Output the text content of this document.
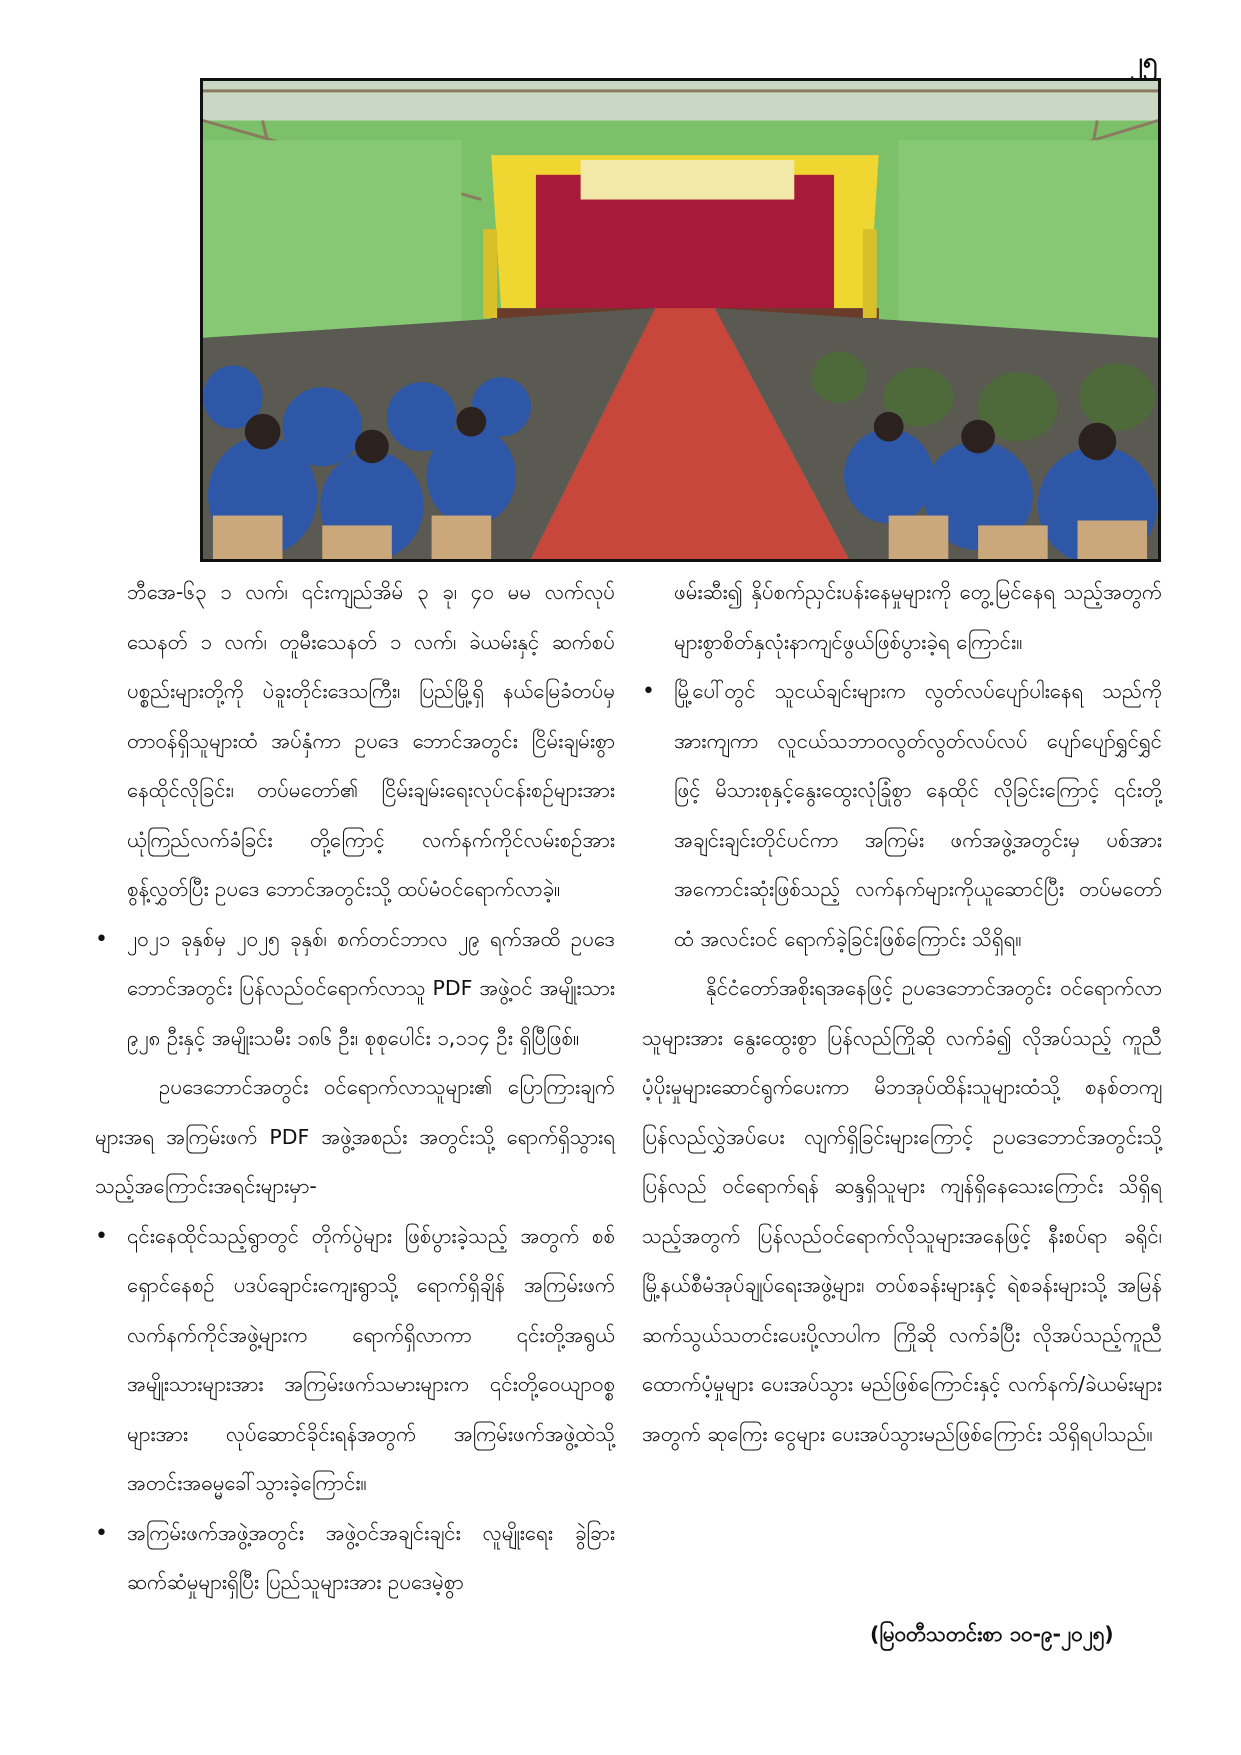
၂၅

ဘီအေ-၆၃ ၁ လက်၊ ၎င်းကျည်အိမ် ၃ ခု၊ ၄၀ မမ လက်လုပ် သေနတ် ၁ လက်၊ တူမီးသေနတ် ၁ လက်၊ ခဲယမ်းနှင့် ဆက်စပ်ပစ္စည်းများတို့ကို ပဲခူးတိုင်းဒေသကြီး၊ ပြည်မြို့ရှိ နယ်မြေခံတပ်မှ တာဝန်ရှိသူများထံ အပ်နှံကာ ဥပဒေ ဘောင်အတွင်း ငြိမ်းချမ်းစွာနေထိုင်လိုခြင်း၊ တပ်မတော်၏ ငြိမ်းချမ်းရေးလုပ်ငန်းစဉ်များအား ယုံကြည်လက်ခံခြင်း တို့ကြောင့် လက်နက်ကိုင်လမ်းစဉ်အား စွန့်လွှတ်ပြီး ဥပဒေ ဘောင်အတွင်းသို့ ထပ်မံဝင်ရောက်လာခဲ့။

• ၂၀၂၁ ခုနှစ်မှ ၂၀၂၅ ခုနှစ်၊ စက်တင်ဘာလ ၂၉ ရက်အထိ ဥပဒေဘောင်အတွင်း ပြန်လည်ဝင်ရောက်လာသူ PDF အဖွဲ့ဝင် အမျိုးသား ၉၂၈ ဦးနှင့် အမျိုးသမီး ၁၈၆ ဦး၊ စုစုပေါင်း ၁,၁၁၄ ဦး ရှိပြီဖြစ်။

ဥပဒေဘောင်အတွင်း ဝင်ရောက်လာသူများ၏ ပြောကြားချက်များအရ အကြမ်းဖက် PDF အဖွဲ့အစည်း အတွင်းသို့ ရောက်ရှိသွားရသည့်အကြောင်းအရင်းများမှာ-

• ၎င်းနေထိုင်သည့်ရွာတွင် တိုက်ပွဲများ ဖြစ်ပွားခဲ့သည့် အတွက် စစ်ရှောင်နေစဉ် ပဒပ်ချောင်းကျေးရွာသို့ ရောက်ရှိချိန် အကြမ်းဖက်လက်နက်ကိုင်အဖွဲ့များက ရောက်ရှိလာကာ ၎င်းတို့အရွယ် အမျိုးသားများအား အကြမ်းဖက်သမားများက ၎င်းတို့ဝေယျာဝစ္စများအား လုပ်ဆောင်ခိုင်းရန်အတွက် အကြမ်းဖက်အဖွဲ့ထဲသို့ အတင်းအဓမ္မခေါ်သွားခဲ့ကြောင်း။

• အကြမ်းဖက်အဖွဲ့အတွင်း အဖွဲ့ဝင်အချင်းချင်း လူမျိုးရေး ခွဲခြားဆက်ဆံမှုများရှိပြီး ပြည်သူများအား ဥပဒေမဲ့စွာ

ဖမ်းဆီး၍ နှိပ်စက်ညှင်းပန်းနေမှုများကို တွေ့မြင်နေရ သည့်အတွက် များစွာစိတ်နှလုံးနာကျင်ဖွယ်ဖြစ်ပွားခဲ့ရ ကြောင်း။

• မြို့ပေါ်တွင် သူငယ်ချင်းများက လွတ်လပ်ပျော်ပါးနေရ သည်ကိုအားကျကာ လူငယ်သဘာဝလွတ်လွတ်လပ်လပ် ပျော်ပျော်ရွှင်ရွှင်ဖြင့် မိသားစုနှင့်နွေးထွေးလုံခြုံစွာ နေထိုင် လိုခြင်းကြောင့် ၎င်းတို့အချင်းချင်းတိုင်ပင်ကာ အကြမ်း ဖက်အဖွဲ့အတွင်းမှ ပစ်အားအကောင်းဆုံးဖြစ်သည့် လက်နက်များကိုယူဆောင်ပြီး တပ်မတော်ထံ အလင်းဝင် ရောက်ခဲ့ခြင်းဖြစ်ကြောင်း သိရှိရ။

နိုင်ငံတော်အစိုးရအနေဖြင့် ဥပဒေဘောင်အတွင်း ဝင်ရောက်လာသူများအား နွေးထွေးစွာ ပြန်လည်ကြိုဆို လက်ခံ၍ လိုအပ်သည့် ကူညီပံ့ပိုးမှုများဆောင်ရွက်ပေးကာ မိဘအုပ်ထိန်းသူများထံသို့ စနစ်တကျပြန်လည်လွှဲအပ်ပေး လျက်ရှိခြင်းများကြောင့် ဥပဒေဘောင်အတွင်းသို့ ပြန်လည် ဝင်ရောက်ရန် ဆန္ဒရှိသူများ ကျန်ရှိနေသေးကြောင်း သိရှိရ သည့်အတွက် ပြန်လည်ဝင်ရောက်လိုသူများအနေဖြင့် နီးစပ်ရာ ခရိုင်၊ မြို့နယ်စီမံအုပ်ချုပ်ရေးအဖွဲ့များ၊ တပ်စခန်းများနှင့် ရဲစခန်းများသို့ အမြန်ဆက်သွယ်သတင်းပေးပို့လာပါက ကြိုဆို လက်ခံပြီး လိုအပ်သည့်ကူညီထောက်ပံ့မှုများ ပေးအပ်သွား မည်ဖြစ်ကြောင်းနှင့် လက်နက်/ခဲယမ်းများအတွက် ဆုကြေး ငွေများ ပေးအပ်သွားမည်ဖြစ်ကြောင်း သိရှိရပါသည်။

(မြဝတီသတင်းစာ ၁၀-၉-၂၀၂၅)
